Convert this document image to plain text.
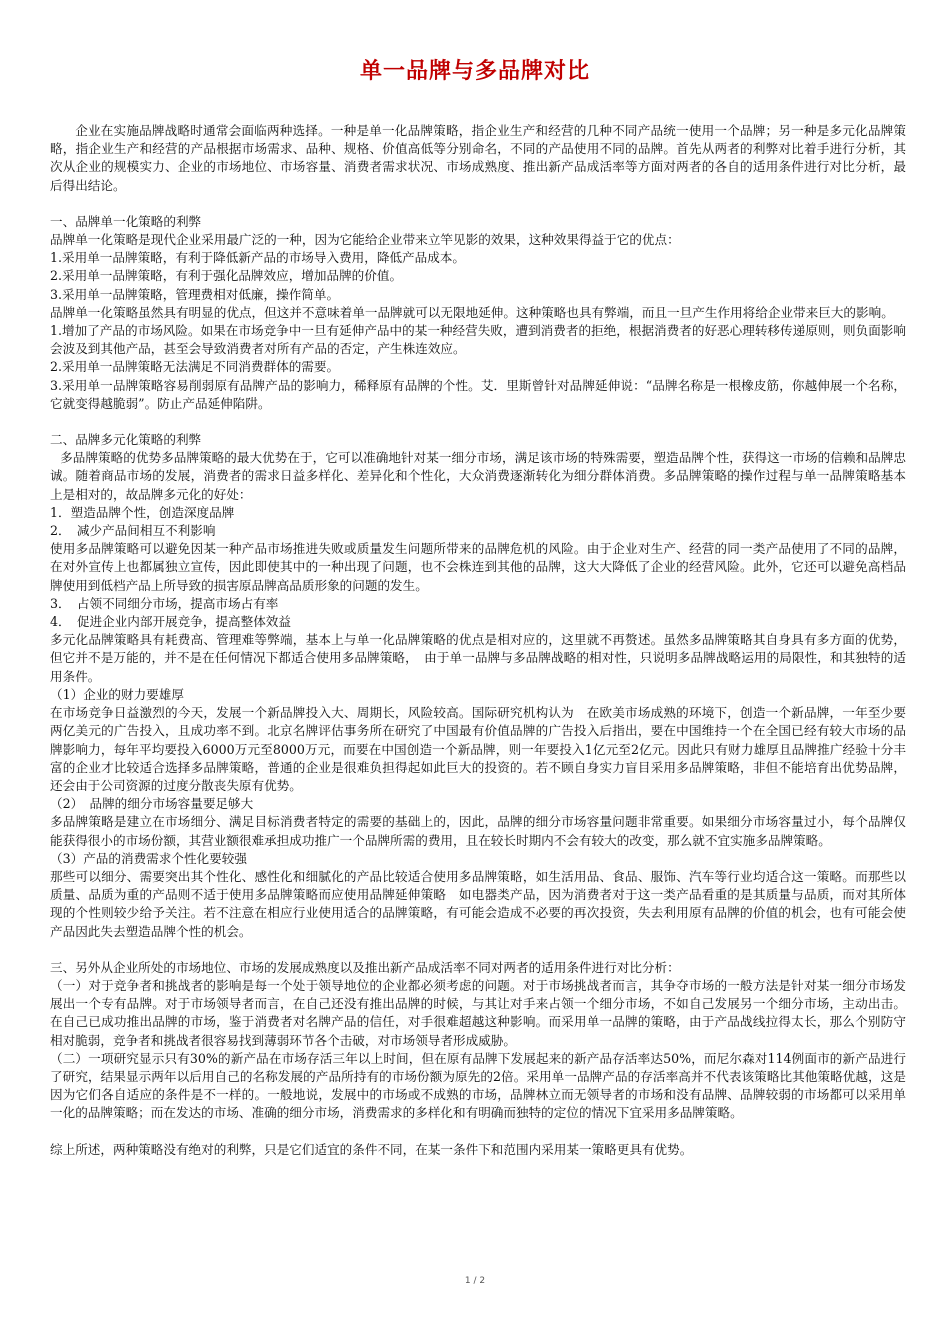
单一品牌与多品牌对比

企业在实施品牌战略时通常会面临两种选择。一种是单一化品牌策略，指企业生产和经营的几种不同产品统一使用一个品牌；另一种是多元化品牌策略，指企业生产和经营的产品根据市场需求、品种、规格、价值高低等分别命名，不同的产品使用不同的品牌。首先从两者的利弊对比着手进行分析，其次从企业的规模实力、企业的市场地位、市场容量、消费者需求状况、市场成熟度、推出新产品成活率等方面对两者的各自的适用条件进行对比分析，最后得出结论。

一、品牌单一化策略的利弊

品牌单一化策略是现代企业采用最广泛的一种，因为它能给企业带来立竿见影的效果，这种效果得益于它的优点：

1.采用单一品牌策略，有利于降低新产品的市场导入费用，降低产品成本。

2.采用单一品牌策略，有利于强化品牌效应，增加品牌的价值。

3.采用单一品牌策略，管理费相对低廉，操作简单。

品牌单一化策略虽然具有明显的优点，但这并不意味着单一品牌就可以无限地延伸。这种策略也具有弊端，而且一旦产生作用将给企业带来巨大的影响。

1.增加了产品的市场风险。如果在市场竞争中一旦有延伸产品中的某一种经营失败，遭到消费者的拒绝，根据消费者的好恶心理转移传递原则，则负面影响会波及到其他产品，甚至会导致消费者对所有产品的否定，产生株连效应。

2.采用单一品牌策略无法满足不同消费群体的需要。

3.采用单一品牌策略容易削弱原有品牌产品的影响力，稀释原有品牌的个性。艾．里斯曾针对品牌延伸说：“品牌名称是一根橡皮筋，你越伸展一个名称，它就变得越脆弱”。防止产品延伸陷阱。

二、品牌多元化策略的利弊

多品牌策略的优势多品牌策略的最大优势在于，它可以准确地针对某一细分市场，满足该市场的特殊需要，塑造品牌个性，获得这一市场的信赖和品牌忠诚。随着商品市场的发展，消费者的需求日益多样化、差异化和个性化，大众消费逐渐转化为细分群体消费。多品牌策略的操作过程与单一品牌策略基本上是相对的，故品牌多元化的好处：

1．塑造品牌个性，创造深度品牌

2．　减少产品间相互不利影响

使用多品牌策略可以避免因某一种产品市场推进失败或质量发生问题所带来的品牌危机的风险。由于企业对生产、经营的同一类产品使用了不同的品牌，在对外宣传上也都属独立宣传，因此即使其中的一种出现了问题，也不会株连到其他的品牌，这大大降低了企业的经营风险。此外，它还可以避免高档品牌使用到低档产品上所导致的损害原品牌高品质形象的问题的发生。

3．　占领不同细分市场，提高市场占有率

4．　促进企业内部开展竞争，提高整体效益

多元化品牌策略具有耗费高、管理难等弊端，基本上与单一化品牌策略的优点是相对应的，这里就不再赘述。虽然多品牌策略其自身具有多方面的优势，但它并不是万能的，并不是在任何情况下都适合使用多品牌策略，　由于单一品牌与多品牌战略的相对性，只说明多品牌战略运用的局限性，和其独特的适用条件。

（1）企业的财力要雄厚

在市场竞争日益激烈的今天，发展一个新品牌投入大、周期长，风险较高。国际研究机构认为　在欧美市场成熟的环境下，创造一个新品牌，一年至少要两亿美元的广告投入，且成功率不到。北京名牌评估事务所在研究了中国最有价值品牌的广告投入后指出，要在中国维持一个在全国已经有较大市场的品牌影响力，每年平均要投入6000万元至8000万元，而要在中国创造一个新品牌，则一年要投入1亿元至2亿元。因此只有财力雄厚且品牌推广经验十分丰富的企业才比较适合选择多品牌策略，普通的企业是很难负担得起如此巨大的投资的。若不顾自身实力盲目采用多品牌策略，非但不能培育出优势品牌，还会由于公司资源的过度分散丧失原有优势。

（2）　品牌的细分市场容量要足够大

多品牌策略是建立在市场细分、满足目标消费者特定的需要的基础上的，因此，品牌的细分市场容量问题非常重要。如果细分市场容量过小，每个品牌仅能获得很小的市场份额，其营业额很难承担成功推广一个品牌所需的费用，且在较长时期内不会有较大的改变，那么就不宜实施多品牌策略。

（3）产品的消费需求个性化要较强

那些可以细分、需要突出其个性化、感性化和细腻化的产品比较适合使用多品牌策略，如生活用品、食品、服饰、汽车等行业均适合这一策略。而那些以质量、品质为重的产品则不适于使用多品牌策略而应使用品牌延伸策略　如电器类产品，因为消费者对于这一类产品看重的是其质量与品质，而对其所体现的个性则较少给予关注。若不注意在相应行业使用适合的品牌策略，有可能会造成不必要的再次投资，失去利用原有品牌的价值的机会，也有可能会使产品因此失去塑造品牌个性的机会。

三、另外从企业所处的市场地位、市场的发展成熟度以及推出新产品成活率不同对两者的适用条件进行对比分析：

（一）对于竞争者和挑战者的影响是每一个处于领导地位的企业都必须考虑的问题。对于市场挑战者而言，其争夺市场的一般方法是针对某一细分市场发展出一个专有品牌。对于市场领导者而言，在自己还没有推出品牌的时候，与其让对手来占领一个细分市场，不如自己发展另一个细分市场，主动出击。在自己已成功推出品牌的市场，鉴于消费者对名牌产品的信任，对手很难超越这种影响。而采用单一品牌的策略，由于产品战线拉得太长，那么个别防守相对脆弱，竞争者和挑战者很容易找到薄弱环节各个击破，对市场领导者形成威胁。

（二）一项研究显示只有30%的新产品在市场存活三年以上时间，但在原有品牌下发展起来的新产品存活率达50%，而尼尔森对114例面市的新产品进行了研究，结果显示两年以后用自己的名称发展的产品所持有的市场份额为原先的2倍。采用单一品牌产品的存活率高并不代表该策略比其他策略优越，这是因为它们各自适应的条件是不一样的。一般地说，发展中的市场或不成熟的市场，品牌林立而无领导者的市场和没有品牌、品牌较弱的市场都可以采用单一化的品牌策略；而在发达的市场、准确的细分市场，消费需求的多样化和有明确而独特的定位的情况下宜采用多品牌策略。

综上所述，两种策略没有绝对的利弊，只是它们适宜的条件不同，在某一条件下和范围内采用某一策略更具有优势。

1 / 2
